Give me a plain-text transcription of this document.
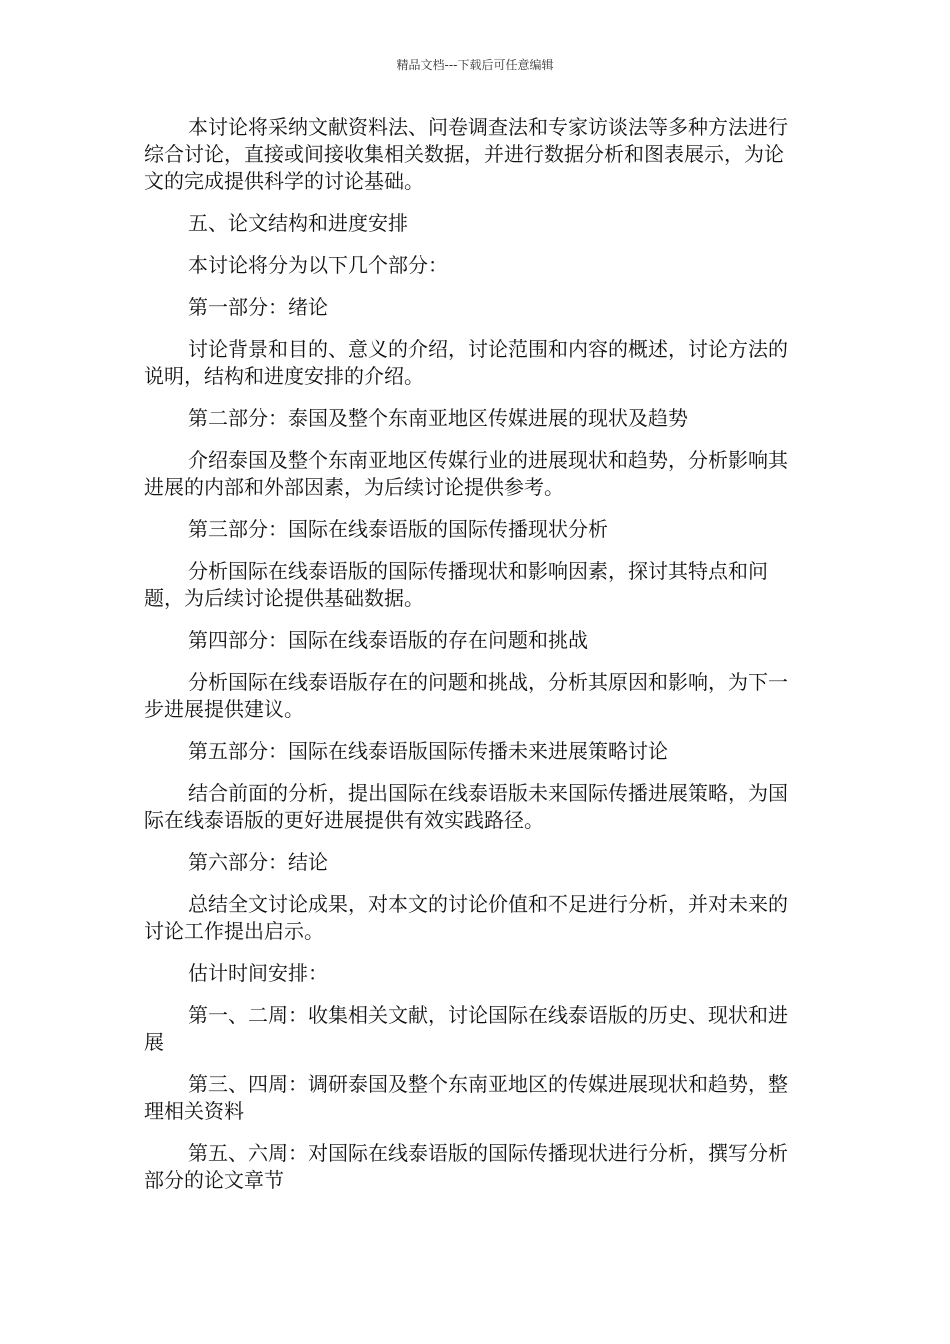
精品文档---下载后可任意编辑

本讨论将采纳文献资料法、问卷调查法和专家访谈法等多种方法进行综合讨论，直接或间接收集相关数据，并进行数据分析和图表展示，为论文的完成提供科学的讨论基础。

五、论文结构和进度安排

本讨论将分为以下几个部分：

第一部分：绪论

讨论背景和目的、意义的介绍，讨论范围和内容的概述，讨论方法的说明，结构和进度安排的介绍。

第二部分：泰国及整个东南亚地区传媒进展的现状及趋势

介绍泰国及整个东南亚地区传媒行业的进展现状和趋势，分析影响其进展的内部和外部因素，为后续讨论提供参考。

第三部分：国际在线泰语版的国际传播现状分析

分析国际在线泰语版的国际传播现状和影响因素，探讨其特点和问题，为后续讨论提供基础数据。

第四部分：国际在线泰语版的存在问题和挑战

分析国际在线泰语版存在的问题和挑战，分析其原因和影响，为下一步进展提供建议。

第五部分：国际在线泰语版国际传播未来进展策略讨论

结合前面的分析，提出国际在线泰语版未来国际传播进展策略，为国际在线泰语版的更好进展提供有效实践路径。

第六部分：结论

总结全文讨论成果，对本文的讨论价值和不足进行分析，并对未来的讨论工作提出启示。

估计时间安排：

第一、二周：收集相关文献，讨论国际在线泰语版的历史、现状和进展

第三、四周：调研泰国及整个东南亚地区的传媒进展现状和趋势，整理相关资料

第五、六周：对国际在线泰语版的国际传播现状进行分析，撰写分析部分的论文章节
